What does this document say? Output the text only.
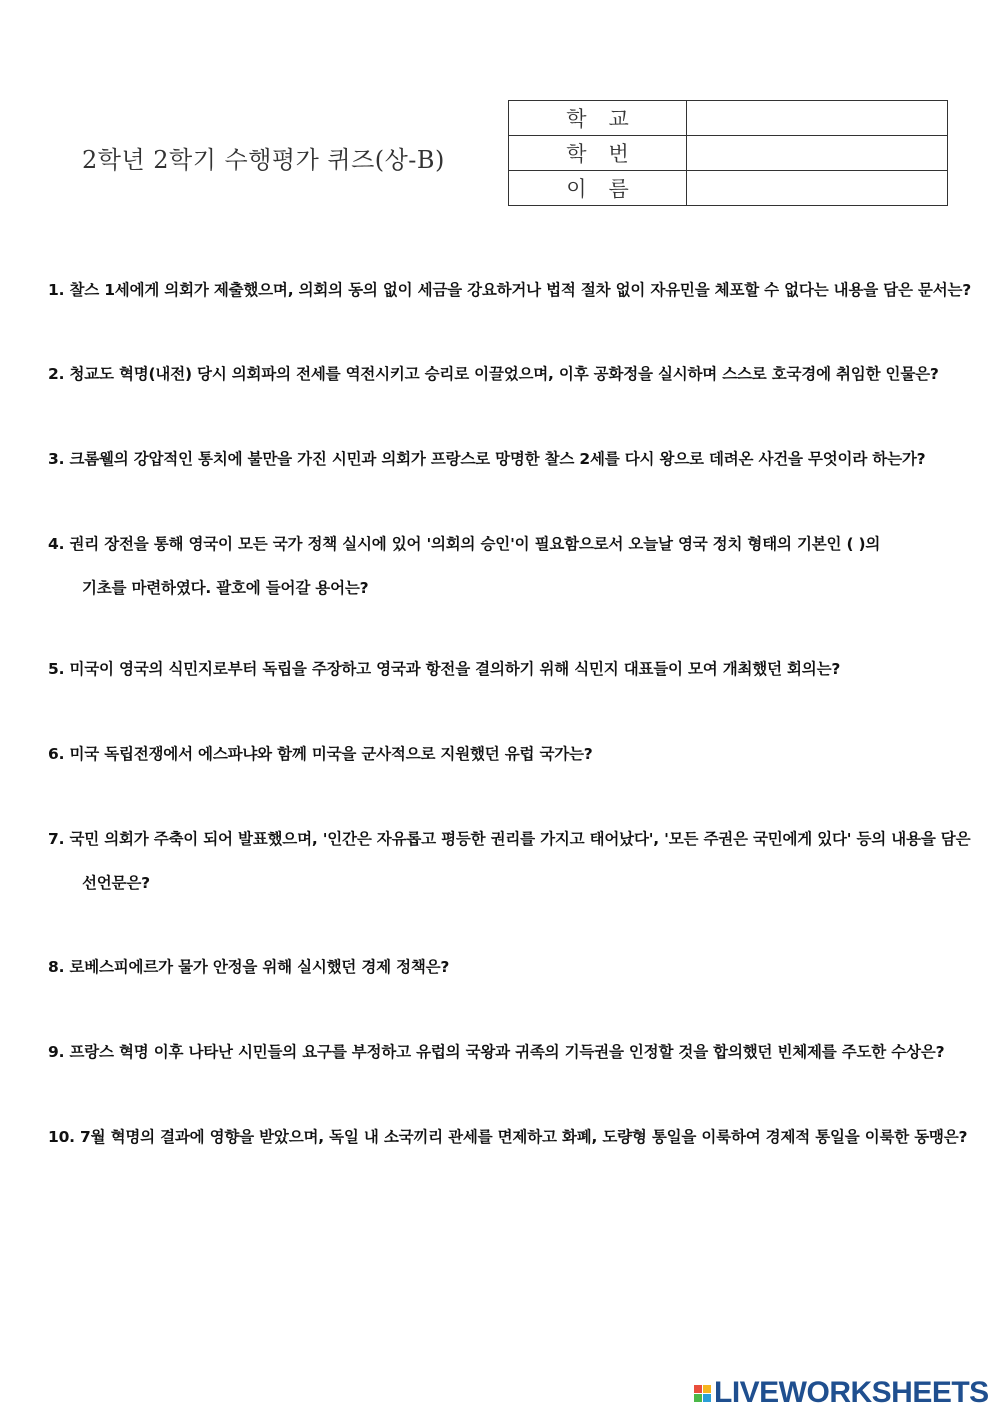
2학년 2학기 수행평가 퀴즈(상-B)
학교	
학번	
이름	
1. 찰스 1세에게 의회가 제출했으며, 의회의 동의 없이 세금을 강요하거나 법적 절차 없이 자유민을 체포할 수 없다는 내용을 담은 문서는?
2. 청교도 혁명(내전) 당시 의회파의 전세를 역전시키고 승리로 이끌었으며, 이후 공화정을 실시하며 스스로 호국경에 취임한 인물은?
3. 크롬웰의 강압적인 통치에 불만을 가진 시민과 의회가 프랑스로 망명한 찰스 2세를 다시 왕으로 데려온 사건을 무엇이라 하는가?
4. 권리 장전을 통해 영국이 모든 국가 정책 실시에 있어 '의회의 승인'이 필요함으로서 오늘날 영국 정치 형태의 기본인 ( )의
기초를 마련하였다. 괄호에 들어갈 용어는?
5. 미국이 영국의 식민지로부터 독립을 주장하고 영국과 항전을 결의하기 위해 식민지 대표들이 모여 개최했던 회의는?
6. 미국 독립전쟁에서 에스파냐와 함께 미국을 군사적으로 지원했던 유럽 국가는?
7. 국민 의회가 주축이 되어 발표했으며, '인간은 자유롭고 평등한 권리를 가지고 태어났다', '모든 주권은 국민에게 있다' 등의 내용을 담은
선언문은?
8. 로베스피에르가 물가 안정을 위해 실시했던 경제 정책은?
9. 프랑스 혁명 이후 나타난 시민들의 요구를 부정하고 유럽의 국왕과 귀족의 기득권을 인정할 것을 합의했던 빈체제를 주도한 수상은?
10. 7월 혁명의 결과에 영향을 받았으며, 독일 내 소국끼리 관세를 면제하고 화폐, 도량형 통일을 이룩하여 경제적 통일을 이룩한 동맹은?
LIVEWORKSHEETS
